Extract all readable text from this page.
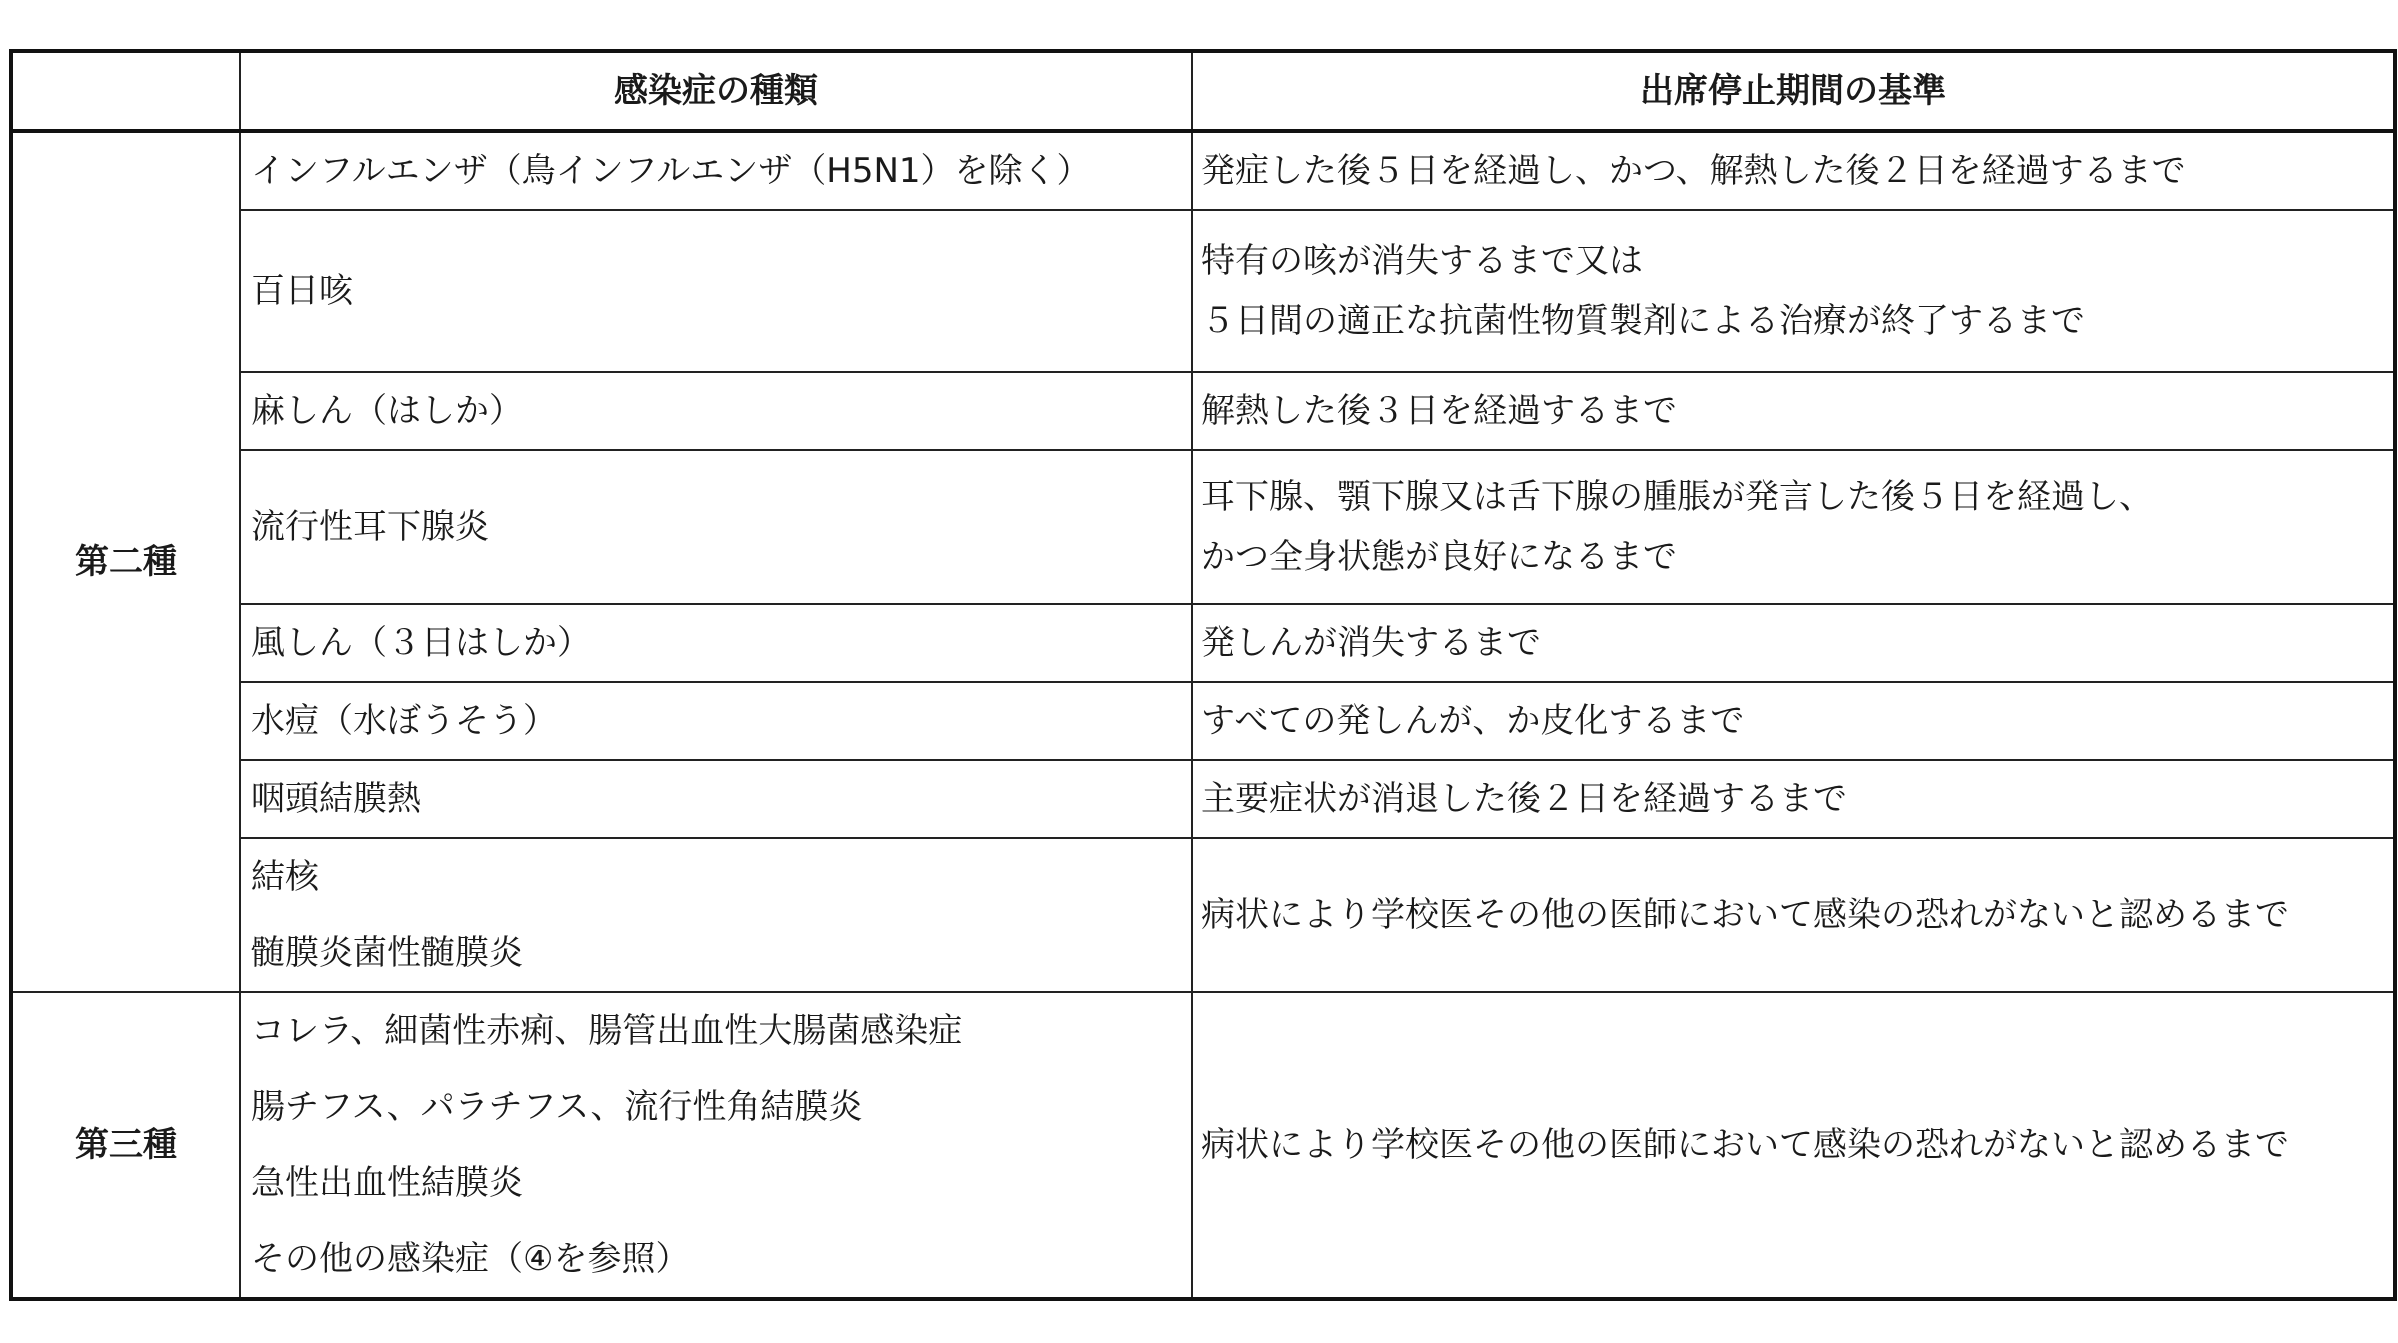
	感染症の種類	出席停止期間の基準
第二種	インフルエンザ（鳥インフルエンザ（H5N1）を除く）	発症した後５日を経過し、かつ、解熱した後２日を経過するまで

	百日咳	特有の咳が消失するまで又は
５日間の適正な抗菌性物質製剤による治療が終了するまで

	麻しん（はしか）	解熱した後３日を経過するまで

	流行性耳下腺炎	耳下腺、顎下腺又は舌下腺の腫脹が発言した後５日を経過し、
かつ全身状態が良好になるまで

	風しん（３日はしか）	発しんが消失するまで

	水痘（水ぼうそう）	すべての発しんが、か皮化するまで

	咽頭結膜熱	主要症状が消退した後２日を経過するまで

	結核
髄膜炎菌性髄膜炎	病状により学校医その他の医師において感染の恐れがないと認めるまで

第三種	コレラ、細菌性赤痢、腸管出血性大腸菌感染症
腸チフス、パラチフス、流行性角結膜炎
急性出血性結膜炎
その他の感染症（④を参照）	病状により学校医その他の医師において感染の恐れがないと認めるまで
